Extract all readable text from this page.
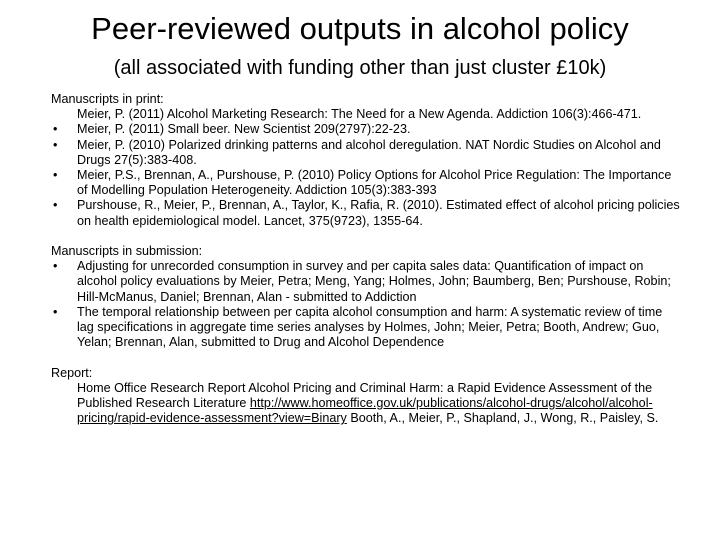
Peer-reviewed outputs in alcohol policy
(all associated with funding other than just cluster £10k)
Manuscripts in print:
Meier, P. (2011) Alcohol Marketing Research: The Need for a New Agenda. Addiction 106(3):466-471.
• Meier, P. (2011) Small beer. New Scientist 209(2797):22-23.
• Meier, P. (2010) Polarized drinking patterns and alcohol deregulation. NAT Nordic Studies on Alcohol and Drugs 27(5):383-408.
• Meier, P.S., Brennan, A., Purshouse, P. (2010) Policy Options for Alcohol Price Regulation: The Importance of Modelling Population Heterogeneity. Addiction 105(3):383-393
• Purshouse, R., Meier, P., Brennan, A., Taylor, K., Rafia, R. (2010). Estimated effect of alcohol pricing policies on health epidemiological model. Lancet, 375(9723), 1355-64.
Manuscripts in submission:
• Adjusting for unrecorded consumption in survey and per capita sales data: Quantification of impact on alcohol policy evaluations by Meier, Petra; Meng, Yang; Holmes, John; Baumberg, Ben; Purshouse, Robin; Hill-McManus, Daniel; Brennan, Alan - submitted to Addiction
• The temporal relationship between per capita alcohol consumption and harm: A systematic review of time lag specifications in aggregate time series analyses by Holmes, John; Meier, Petra; Booth, Andrew; Guo, Yelan; Brennan, Alan, submitted to Drug and Alcohol Dependence
Report:
Home Office Research Report Alcohol Pricing and Criminal Harm: a Rapid Evidence Assessment of the Published Research Literature http://www.homeoffice.gov.uk/publications/alcohol-drugs/alcohol/alcohol-pricing/rapid-evidence-assessment?view=Binary Booth, A., Meier, P., Shapland, J., Wong, R., Paisley, S.
